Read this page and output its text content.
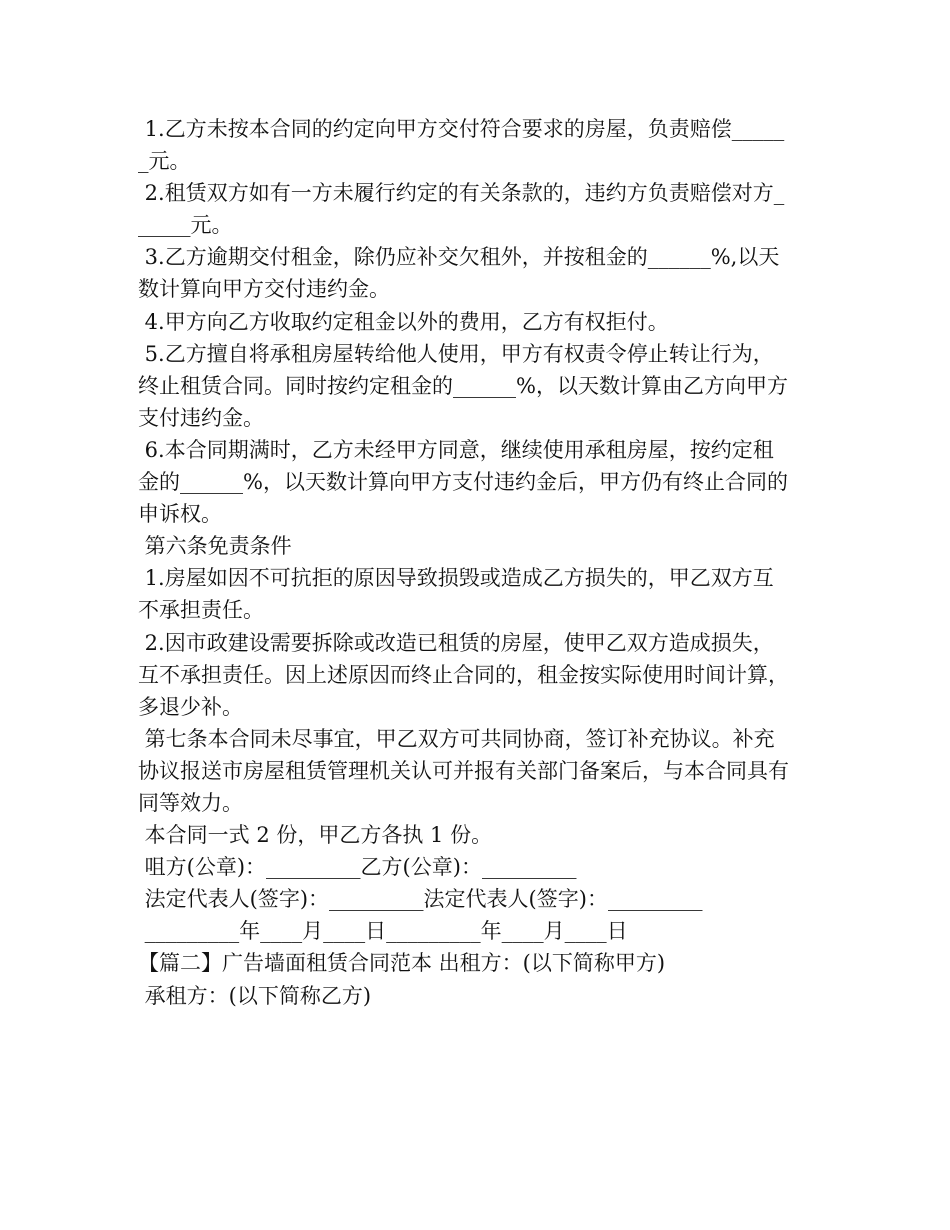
1.乙方未按本合同的约定向甲方交付符合要求的房屋，负责赔偿_____
_元。
2.租赁双方如有一方未履行约定的有关条款的，违约方负责赔偿对方_
_____元。
3.乙方逾期交付租金，除仍应补交欠租外，并按租金的______%,以天
数计算向甲方交付违约金。
4.甲方向乙方收取约定租金以外的费用，乙方有权拒付。
5.乙方擅自将承租房屋转给他人使用，甲方有权责令停止转让行为，
终止租赁合同。同时按约定租金的______%，以天数计算由乙方向甲方
支付违约金。
6.本合同期满时，乙方未经甲方同意，继续使用承租房屋，按约定租
金的______%，以天数计算向甲方支付违约金后，甲方仍有终止合同的
申诉权。
第六条免责条件
1.房屋如因不可抗拒的原因导致损毁或造成乙方损失的，甲乙双方互
不承担责任。
2.因市政建设需要拆除或改造已租赁的房屋，使甲乙双方造成损失，
互不承担责任。因上述原因而终止合同的，租金按实际使用时间计算，
多退少补。
第七条本合同未尽事宜，甲乙双方可共同协商，签订补充协议。补充
协议报送市房屋租赁管理机关认可并报有关部门备案后，与本合同具有
同等效力。
本合同一式 2 份，甲乙方各执 1 份。
咀方(公章)：_________乙方(公章)：_________
法定代表人(签字)：_________法定代表人(签字)：_________
_________年____月____日_________年____月____日
【篇二】广告墙面租赁合同范本 出租方：(以下简称甲方)
承租方：(以下简称乙方)
